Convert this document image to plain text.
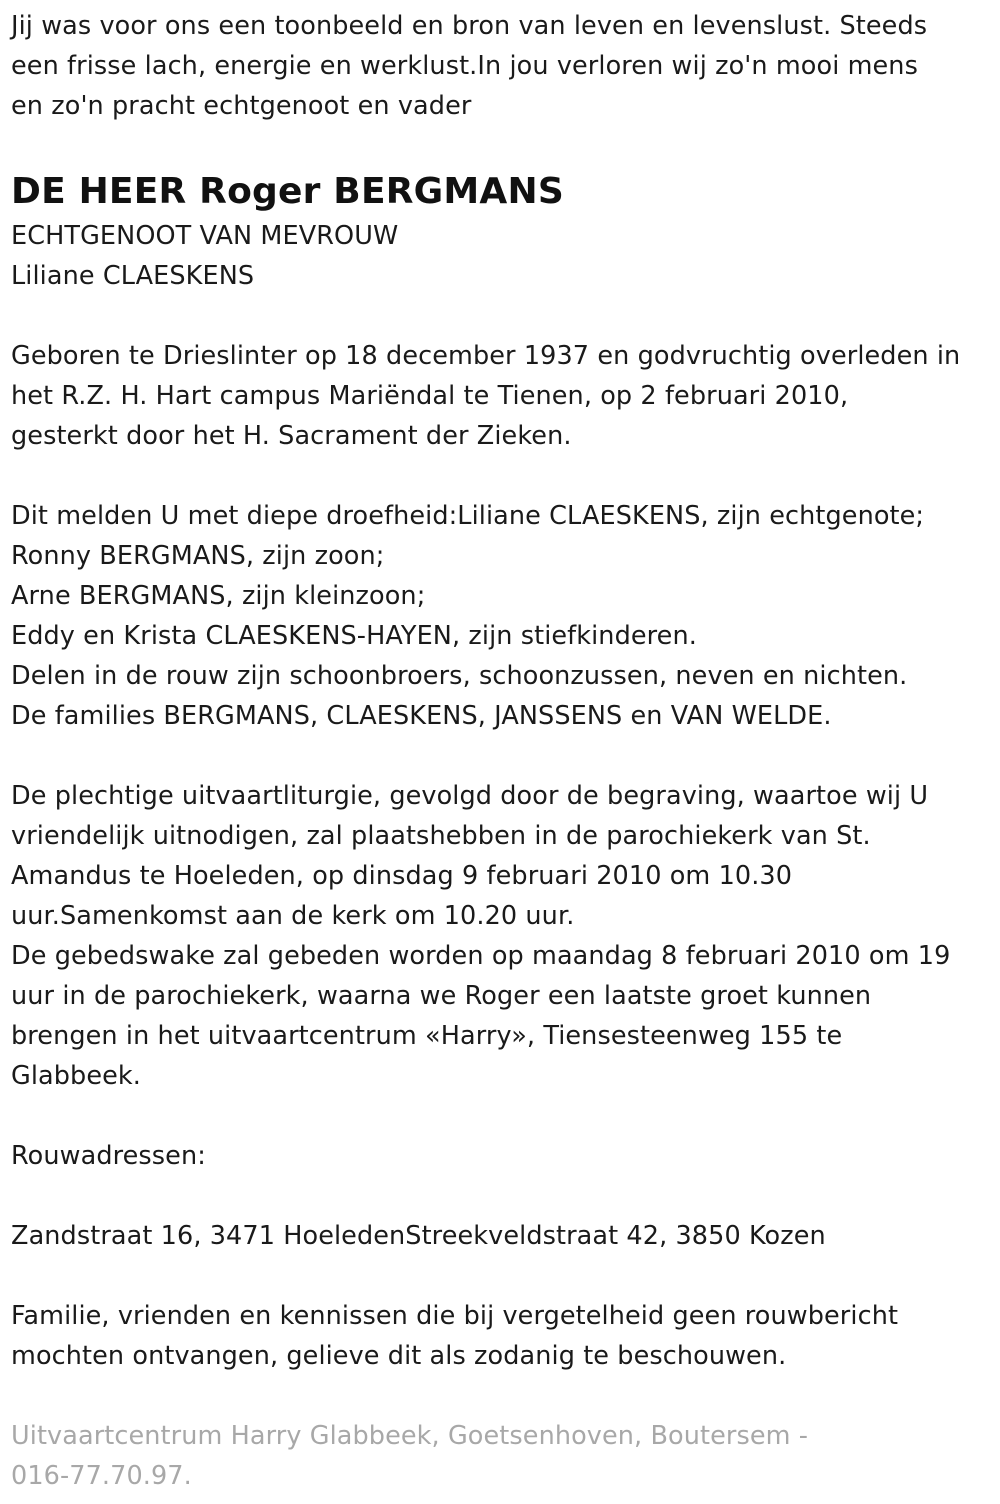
Jij was voor ons een toonbeeld en bron van leven en levenslust. Steeds
een frisse lach, energie en werklust.In jou verloren wij zo'n mooi mens
en zo'n pracht echtgenoot en vader

DE HEER Roger BERGMANS

ECHTGENOOT VAN MEVROUW
Liliane CLAESKENS

Geboren te Drieslinter op 18 december 1937 en godvruchtig overleden in
het R.Z. H. Hart campus Mariëndal te Tienen, op 2 februari 2010,
gesterkt door het H. Sacrament der Zieken.

Dit melden U met diepe droefheid:Liliane CLAESKENS, zijn echtgenote;
Ronny BERGMANS, zijn zoon;
Arne BERGMANS, zijn kleinzoon;
Eddy en Krista CLAESKENS-HAYEN, zijn stiefkinderen.
Delen in de rouw zijn schoonbroers, schoonzussen, neven en nichten.
De families BERGMANS, CLAESKENS, JANSSENS en VAN WELDE.

De plechtige uitvaartliturgie, gevolgd door de begraving, waartoe wij U
vriendelijk uitnodigen, zal plaatshebben in de parochiekerk van St.
Amandus te Hoeleden, op dinsdag 9 februari 2010 om 10.30
uur.Samenkomst aan de kerk om 10.20 uur.
De gebedswake zal gebeden worden op maandag 8 februari 2010 om 19
uur in de parochiekerk, waarna we Roger een laatste groet kunnen
brengen in het uitvaartcentrum «Harry», Tiensesteenweg 155 te
Glabbeek.

Rouwadressen:

Zandstraat 16, 3471 HoeledenStreekveldstraat 42, 3850 Kozen

Familie, vrienden en kennissen die bij vergetelheid geen rouwbericht
mochten ontvangen, gelieve dit als zodanig te beschouwen.

Uitvaartcentrum Harry Glabbeek, Goetsenhoven, Boutersem -
016-77.70.97.
